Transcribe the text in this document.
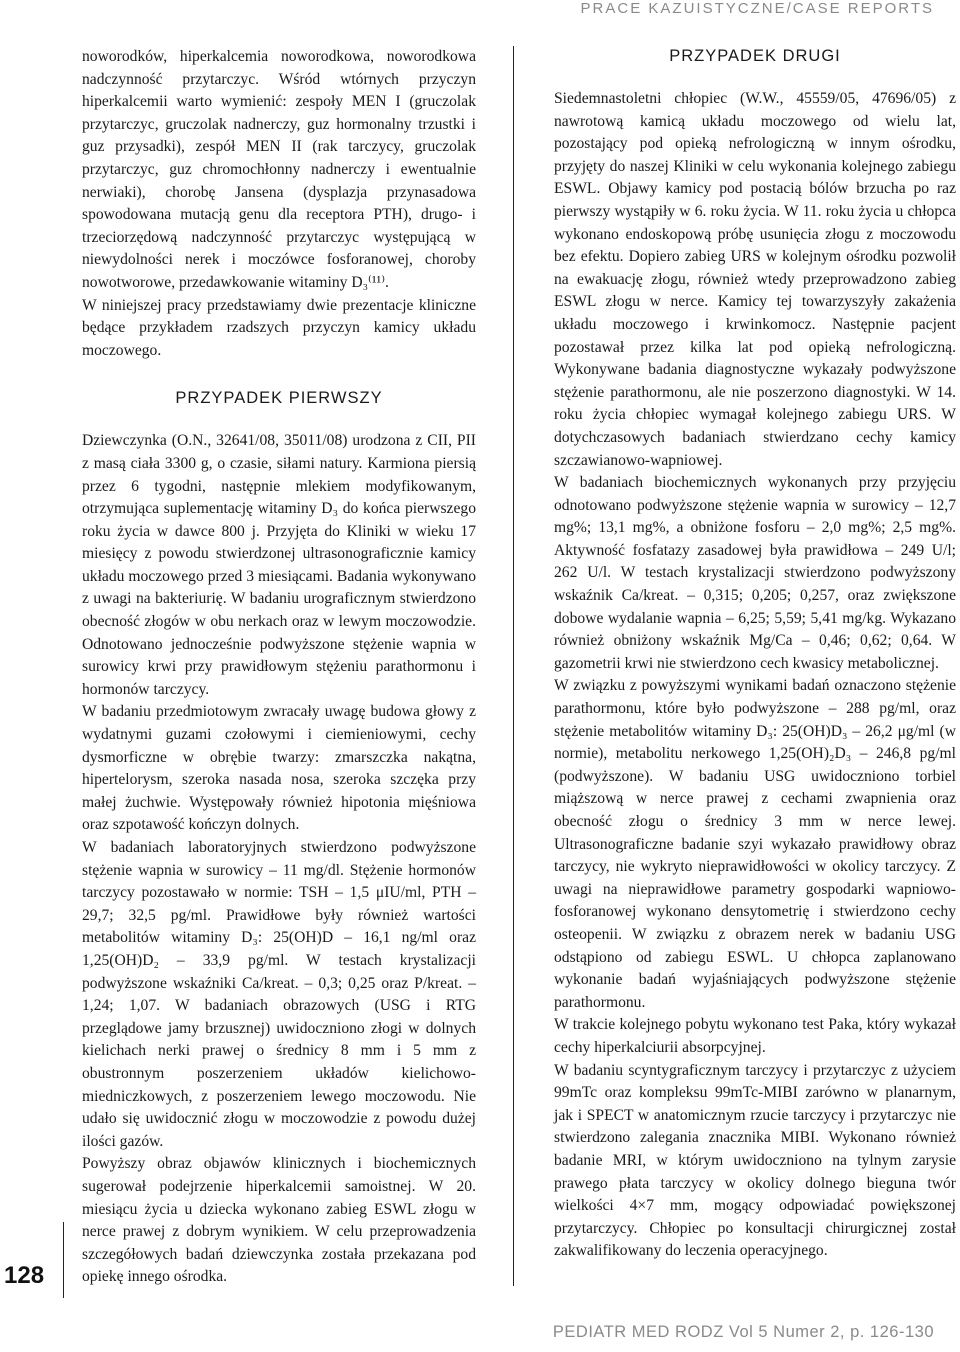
PRACE KAZUISTYCZNE/CASE REPORTS

noworodków, hiperkalcemia noworodkowa, noworodkowa nadczynność przytarczyc. Wśród wtórnych przyczyn hiperkalcemii warto wymienić: zespoły MEN I (gruczolak przytarczyc, gruczolak nadnerczy, guz hormonalny trzustki i guz przysadki), zespół MEN II (rak tarczycy, gruczolak przytarczyc, guz chromochłonny nadnerczy i ewentualnie nerwiaki), chorobę Jansena (dysplazja przynasadowa spowodowana mutacją genu dla receptora PTH), drugo- i trzeciorzędową nadczynność przytarczyc występującą w niewydolności nerek i moczówce fosforanowej, choroby nowotworowe, przedawkowanie witaminy D₃⁽¹¹⁾.

W niniejszej pracy przedstawiamy dwie prezentacje kliniczne będące przykładem rzadszych przyczyn kamicy układu moczowego.

PRZYPADEK PIERWSZY

Dziewczynka (O.N., 32641/08, 35011/08) urodzona z CII, PII z masą ciała 3300 g, o czasie, siłami natury. Karmiona piersią przez 6 tygodni, następnie mlekiem modyfikowanym, otrzymująca suplementację witaminy D₃ do końca pierwszego roku życia w dawce 800 j. Przyjęta do Kliniki w wieku 17 miesięcy z powodu stwierdzonej ultrasonograficznie kamicy układu moczowego przed 3 miesiącami. Badania wykonywano z uwagi na bakteriurię. W badaniu urograficznym stwierdzono obecność złogów w obu nerkach oraz w lewym moczowodzie. Odnotowano jednocześnie podwyższone stężenie wapnia w surowicy krwi przy prawidłowym stężeniu parathormonu i hormonów tarczycy.

W badaniu przedmiotowym zwracały uwagę budowa głowy z wydatnymi guzami czołowymi i ciemieniowymi, cechy dysmorficzne w obrębie twarzy: zmarszczka nakątna, hipertelorysm, szeroka nasada nosa, szeroka szczęka przy małej żuchwie. Występowały również hipotonia mięśniowa oraz szpotawość kończyn dolnych.

W badaniach laboratoryjnych stwierdzono podwyższone stężenie wapnia w surowicy – 11 mg/dl. Stężenie hormonów tarczycy pozostawało w normie: TSH – 1,5 μIU/ml, PTH – 29,7; 32,5 pg/ml. Prawidłowe były również wartości metabolitów witaminy D₃: 25(OH)D – 16,1 ng/ml oraz 1,25(OH)D₂ – 33,9 pg/ml. W testach krystalizacji podwyższone wskaźniki Ca/kreat. – 0,3; 0,25 oraz P/kreat. – 1,24; 1,07. W badaniach obrazowych (USG i RTG przeglądowe jamy brzusznej) uwidoczniono złogi w dolnych kielichach nerki prawej o średnicy 8 mm i 5 mm z obustronnym poszerzeniem układów kielichowo-miedniczkowych, z poszerzeniem lewego moczowodu. Nie udało się uwidocznić złogu w moczowodzie z powodu dużej ilości gazów.

Powyższy obraz objawów klinicznych i biochemicznych sugerował podejrzenie hiperkalcemii samoistnej. W 20. miesiącu życia u dziecka wykonano zabieg ESWL złogu w nerce prawej z dobrym wynikiem. W celu przeprowadzenia szczegółowych badań dziewczynka została przekazana pod opiekę innego ośrodka.

PRZYPADEK DRUGI

Siedemnastoletni chłopiec (W.W., 45559/05, 47696/05) z nawrotową kamicą układu moczowego od wielu lat, pozostający pod opieką nefrologiczną w innym ośrodku, przyjęty do naszej Kliniki w celu wykonania kolejnego zabiegu ESWL. Objawy kamicy pod postacią bólów brzucha po raz pierwszy wystąpiły w 6. roku życia. W 11. roku życia u chłopca wykonano endoskopową próbę usunięcia złogu z moczowodu bez efektu. Dopiero zabieg URS w kolejnym ośrodku pozwolił na ewakuację złogu, również wtedy przeprowadzono zabieg ESWL złogu w nerce. Kamicy tej towarzyszyły zakażenia układu moczowego i krwinkomocz. Następnie pacjent pozostawał przez kilka lat pod opieką nefrologiczną. Wykonywane badania diagnostyczne wykazały podwyższone stężenie parathormonu, ale nie poszerzono diagnostyki. W 14. roku życia chłopiec wymagał kolejnego zabiegu URS. W dotychczasowych badaniach stwierdzano cechy kamicy szczawianowo-wapniowej.

W badaniach biochemicznych wykonanych przy przyjęciu odnotowano podwyższone stężenie wapnia w surowicy – 12,7 mg%; 13,1 mg%, a obniżone fosforu – 2,0 mg%; 2,5 mg%. Aktywność fosfatazy zasadowej była prawidłowa – 249 U/l; 262 U/l. W testach krystalizacji stwierdzono podwyższony wskaźnik Ca/kreat. – 0,315; 0,205; 0,257, oraz zwiększone dobowe wydalanie wapnia – 6,25; 5,59; 5,41 mg/kg. Wykazano również obniżony wskaźnik Mg/Ca – 0,46; 0,62; 0,64. W gazometrii krwi nie stwierdzono cech kwasicy metabolicznej.

W związku z powyższymi wynikami badań oznaczono stężenie parathormonu, które było podwyższone – 288 pg/ml, oraz stężenie metabolitów witaminy D₃: 25(OH)D₃ – 26,2 μg/ml (w normie), metabolitu nerkowego 1,25(OH)₂D₃ – 246,8 pg/ml (podwyższone). W badaniu USG uwidoczniono torbiel miąższową w nerce prawej z cechami zwapnienia oraz obecność złogu o średnicy 3 mm w nerce lewej. Ultrasonograficzne badanie szyi wykazało prawidłowy obraz tarczycy, nie wykryto nieprawidłowości w okolicy tarczycy. Z uwagi na nieprawidłowe parametry gospodarki wapniowo-fosforanowej wykonano densytometrię i stwierdzono cechy osteopenii. W związku z obrazem nerek w badaniu USG odstąpiono od zabiegu ESWL. U chłopca zaplanowano wykonanie badań wyjaśniających podwyższone stężenie parathormonu.

W trakcie kolejnego pobytu wykonano test Paka, który wykazał cechy hiperkalciurii absorpcyjnej.

W badaniu scyntygraficznym tarczycy i przytarczyc z użyciem 99mTc oraz kompleksu 99mTc-MIBI zarówno w planarnym, jak i SPECT w anatomicznym rzucie tarczycy i przytarczyc nie stwierdzono zalegania znacznika MIBI. Wykonano również badanie MRI, w którym uwidoczniono na tylnym zarysie prawego płata tarczycy w okolicy dolnego bieguna twór wielkości 4×7 mm, mogący odpowiadać powiększonej przytarczycy. Chłopiec po konsultacji chirurgicznej został zakwalifikowany do leczenia operacyjnego.

128
PEDIATR MED RODZ Vol 5 Numer 2, p. 126-130
